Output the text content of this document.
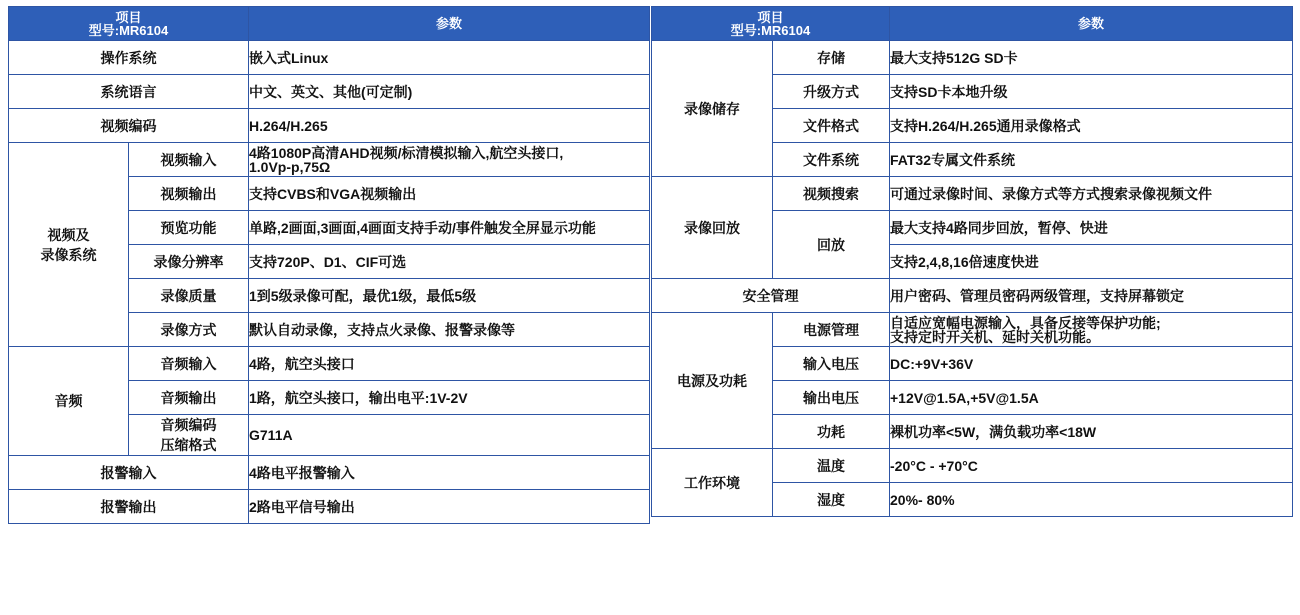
项目
型号:MR6104		参数
操作系统		嵌入式Linux
系统语言		中文、英文、其他(可定制)
视频编码		H.264/H.265

视频及
录像系统	视频输入	4路1080P高清AHD视频/标清模拟输入,航空头接口,
1.0Vp-p,75Ω

	视频输出	支持CVBS和VGA视频输出
	预览功能	单路,2画面,3画面,4画面支持手动/事件触发全屏显示功能
	录像分辨率	支持720P、D1、CIF可选
	录像质量	1到5级录像可配，最优1级，最低5级
	录像方式	默认自动录像，支持点火录像、报警录像等
音频	音频输入	4路，航空头接口
	音频输出	1路，航空头接口，输出电平:1V-2V

	音频编码
压缩格式	G711A
报警输入		4路电平报警输入
报警输出		2路电平信号输出
项目
型号:MR6104		参数
录像储存	存储	最大支持512G SD卡
	升级方式	支持SD卡本地升级
	文件格式	支持H.264/H.265通用录像格式
	文件系统	FAT32专属文件系统
录像回放	视频搜索	可通过录像时间、录像方式等方式搜索录像视频文件
	回放	最大支持4路同步回放，暂停、快进
		支持2,4,8,16倍速度快进
安全管理		用户密码、管理员密码两级管理，支持屏幕锁定
电源及功耗	电源管理	自适应宽幅电源输入，具备反接等保护功能;
支持定时开关机、延时关机功能。

	输入电压	DC:+9V+36V
	输出电压	+12V@1.5A,+5V@1.5A
	功耗	裸机功率<5W，满负载功率<18W
工作环境	温度	-20°C - +70°C
	湿度	20%- 80%
